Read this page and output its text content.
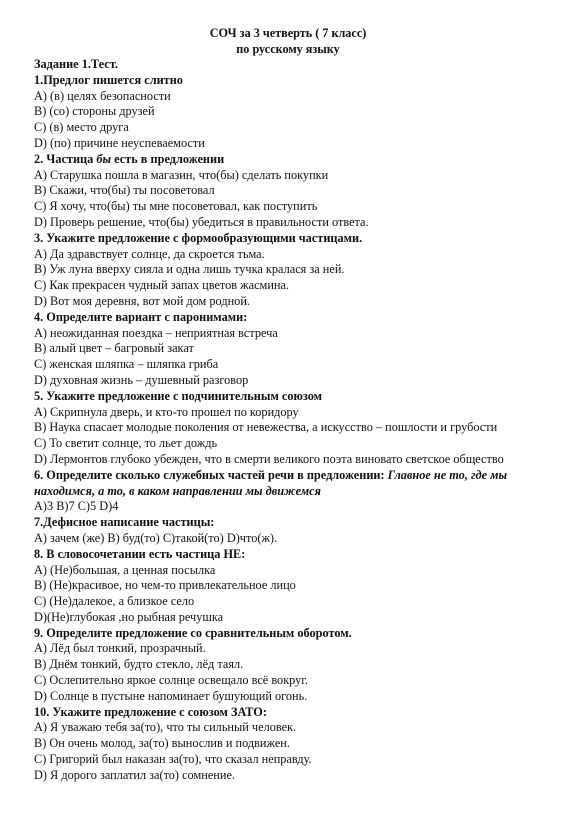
СОЧ за 3 четверть ( 7 класс)
по русскому языку
Задание 1.Тест.
1.Предлог пишется слитно
А) (в) целях безопасности
В) (со) стороны друзей
С) (в) место друга
D) (по) причине неуспеваемости
2. Частица бы есть в предложении
А) Старушка пошла в магазин, что(бы) сделать покупки
В) Скажи, что(бы) ты посоветовал
С) Я хочу, что(бы) ты мне посоветовал, как поступить
D) Проверь решение, что(бы) убедиться в правильности ответа.
3. Укажите предложение с формообразующими частицами.
А) Да здравствует солнце, да скроется тьма.
В) Уж луна вверху сияла и одна лишь тучка кралася за ней.
С) Как прекрасен чудный запах цветов жасмина.
D) Вот моя деревня, вот мой дом родной.
4. Определите вариант с паронимами:
А) неожиданная поездка – неприятная встреча
В) алый цвет – багровый закат
С) женская шляпка – шляпка гриба
D) духовная жизнь – душевный разговор
5. Укажите предложение с подчинительным союзом
А) Скрипнула дверь, и кто-то прошел по коридору
В) Наука спасает молодые поколения от невежества, а искусство – пошлости и грубости
С) То светит солнце, то льет дождь
D) Лермонтов глубоко убежден, что в смерти великого поэта виновато светское общество
6. Определите сколько служебных частей речи в предложении: Главное не то, где мы
находимся, а то, в каком направлении мы движемся
А)3 В)7 С)5 D)4
7.Дефисное написание частицы:
А) зачем (же) В) буд(то) С)такой(то) D)что(ж).
8. В словосочетании есть частица НЕ:
А) (Не)большая, а ценная посылка
В) (Не)красивое, но чем-то привлекательное лицо
С) (Не)далекое, а близкое село
D)(Не)глубокая ,но рыбная речушка
9. Определите предложение со сравнительным оборотом.
А) Лёд был тонкий, прозрачный.
В) Днём тонкий, будто стекло, лёд таял.
С) Ослепительно яркое солнце освещало всё вокруг.
D) Солнце в пустыне напоминает бушующий огонь.
10. Укажите предложение с союзом ЗАТО:
А) Я уважаю тебя за(то), что ты сильный человек.
В) Он очень молод, за(то) вынослив и подвижен.
С) Григорий был наказан за(то), что сказал неправду.
D) Я дорого заплатил за(то) сомнение.
